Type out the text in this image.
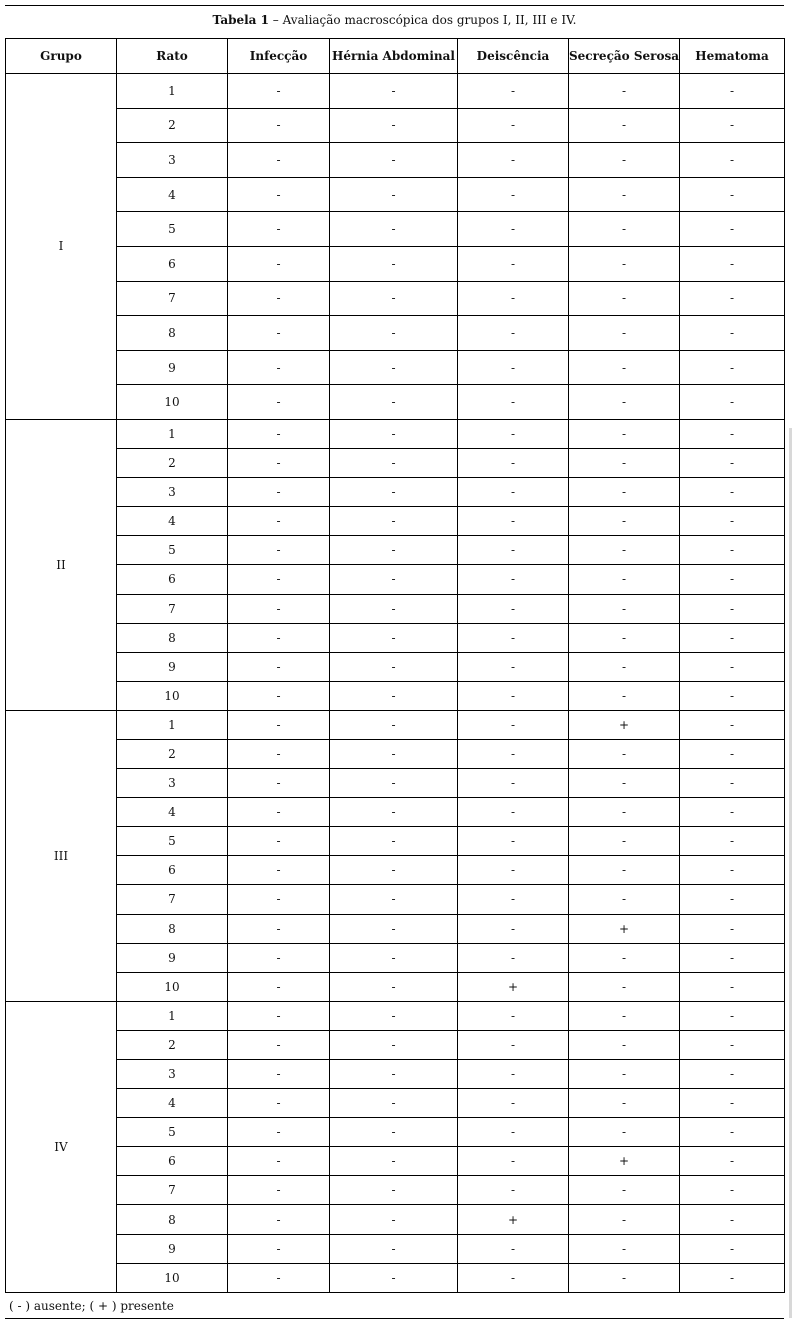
Tabela 1 – Avaliação macroscópica dos grupos I, II, III e IV.
Grupo	Rato	Infecção	Hérnia Abdominal	Deiscência	Secreção Serosa	Hematoma
I	1	-	-	-	-	-
	2	-	-	-	-	-
	3	-	-	-	-	-
	4	-	-	-	-	-
	5	-	-	-	-	-
	6	-	-	-	-	-
	7	-	-	-	-	-
	8	-	-	-	-	-
	9	-	-	-	-	-
	10	-	-	-	-	-
II	1	-	-	-	-	-
	2	-	-	-	-	-
	3	-	-	-	-	-
	4	-	-	-	-	-
	5	-	-	-	-	-
	6	-	-	-	-	-
	7	-	-	-	-	-
	8	-	-	-	-	-
	9	-	-	-	-	-
	10	-	-	-	-	-
III	1	-	-	-	+	-
	2	-	-	-	-	-
	3	-	-	-	-	-
	4	-	-	-	-	-
	5	-	-	-	-	-
	6	-	-	-	-	-
	7	-	-	-	-	-
	8	-	-	-	+	-
	9	-	-	-	-	-
	10	-	-	+	-	-
IV	1	-	-	-	-	-
	2	-	-	-	-	-
	3	-	-	-	-	-
	4	-	-	-	-	-
	5	-	-	-	-	-
	6	-	-	-	+	-
	7	-	-	-	-	-
	8	-	-	+	-	-
	9	-	-	-	-	-
	10	-	-	-	-	-
( - ) ausente; ( + ) presente
